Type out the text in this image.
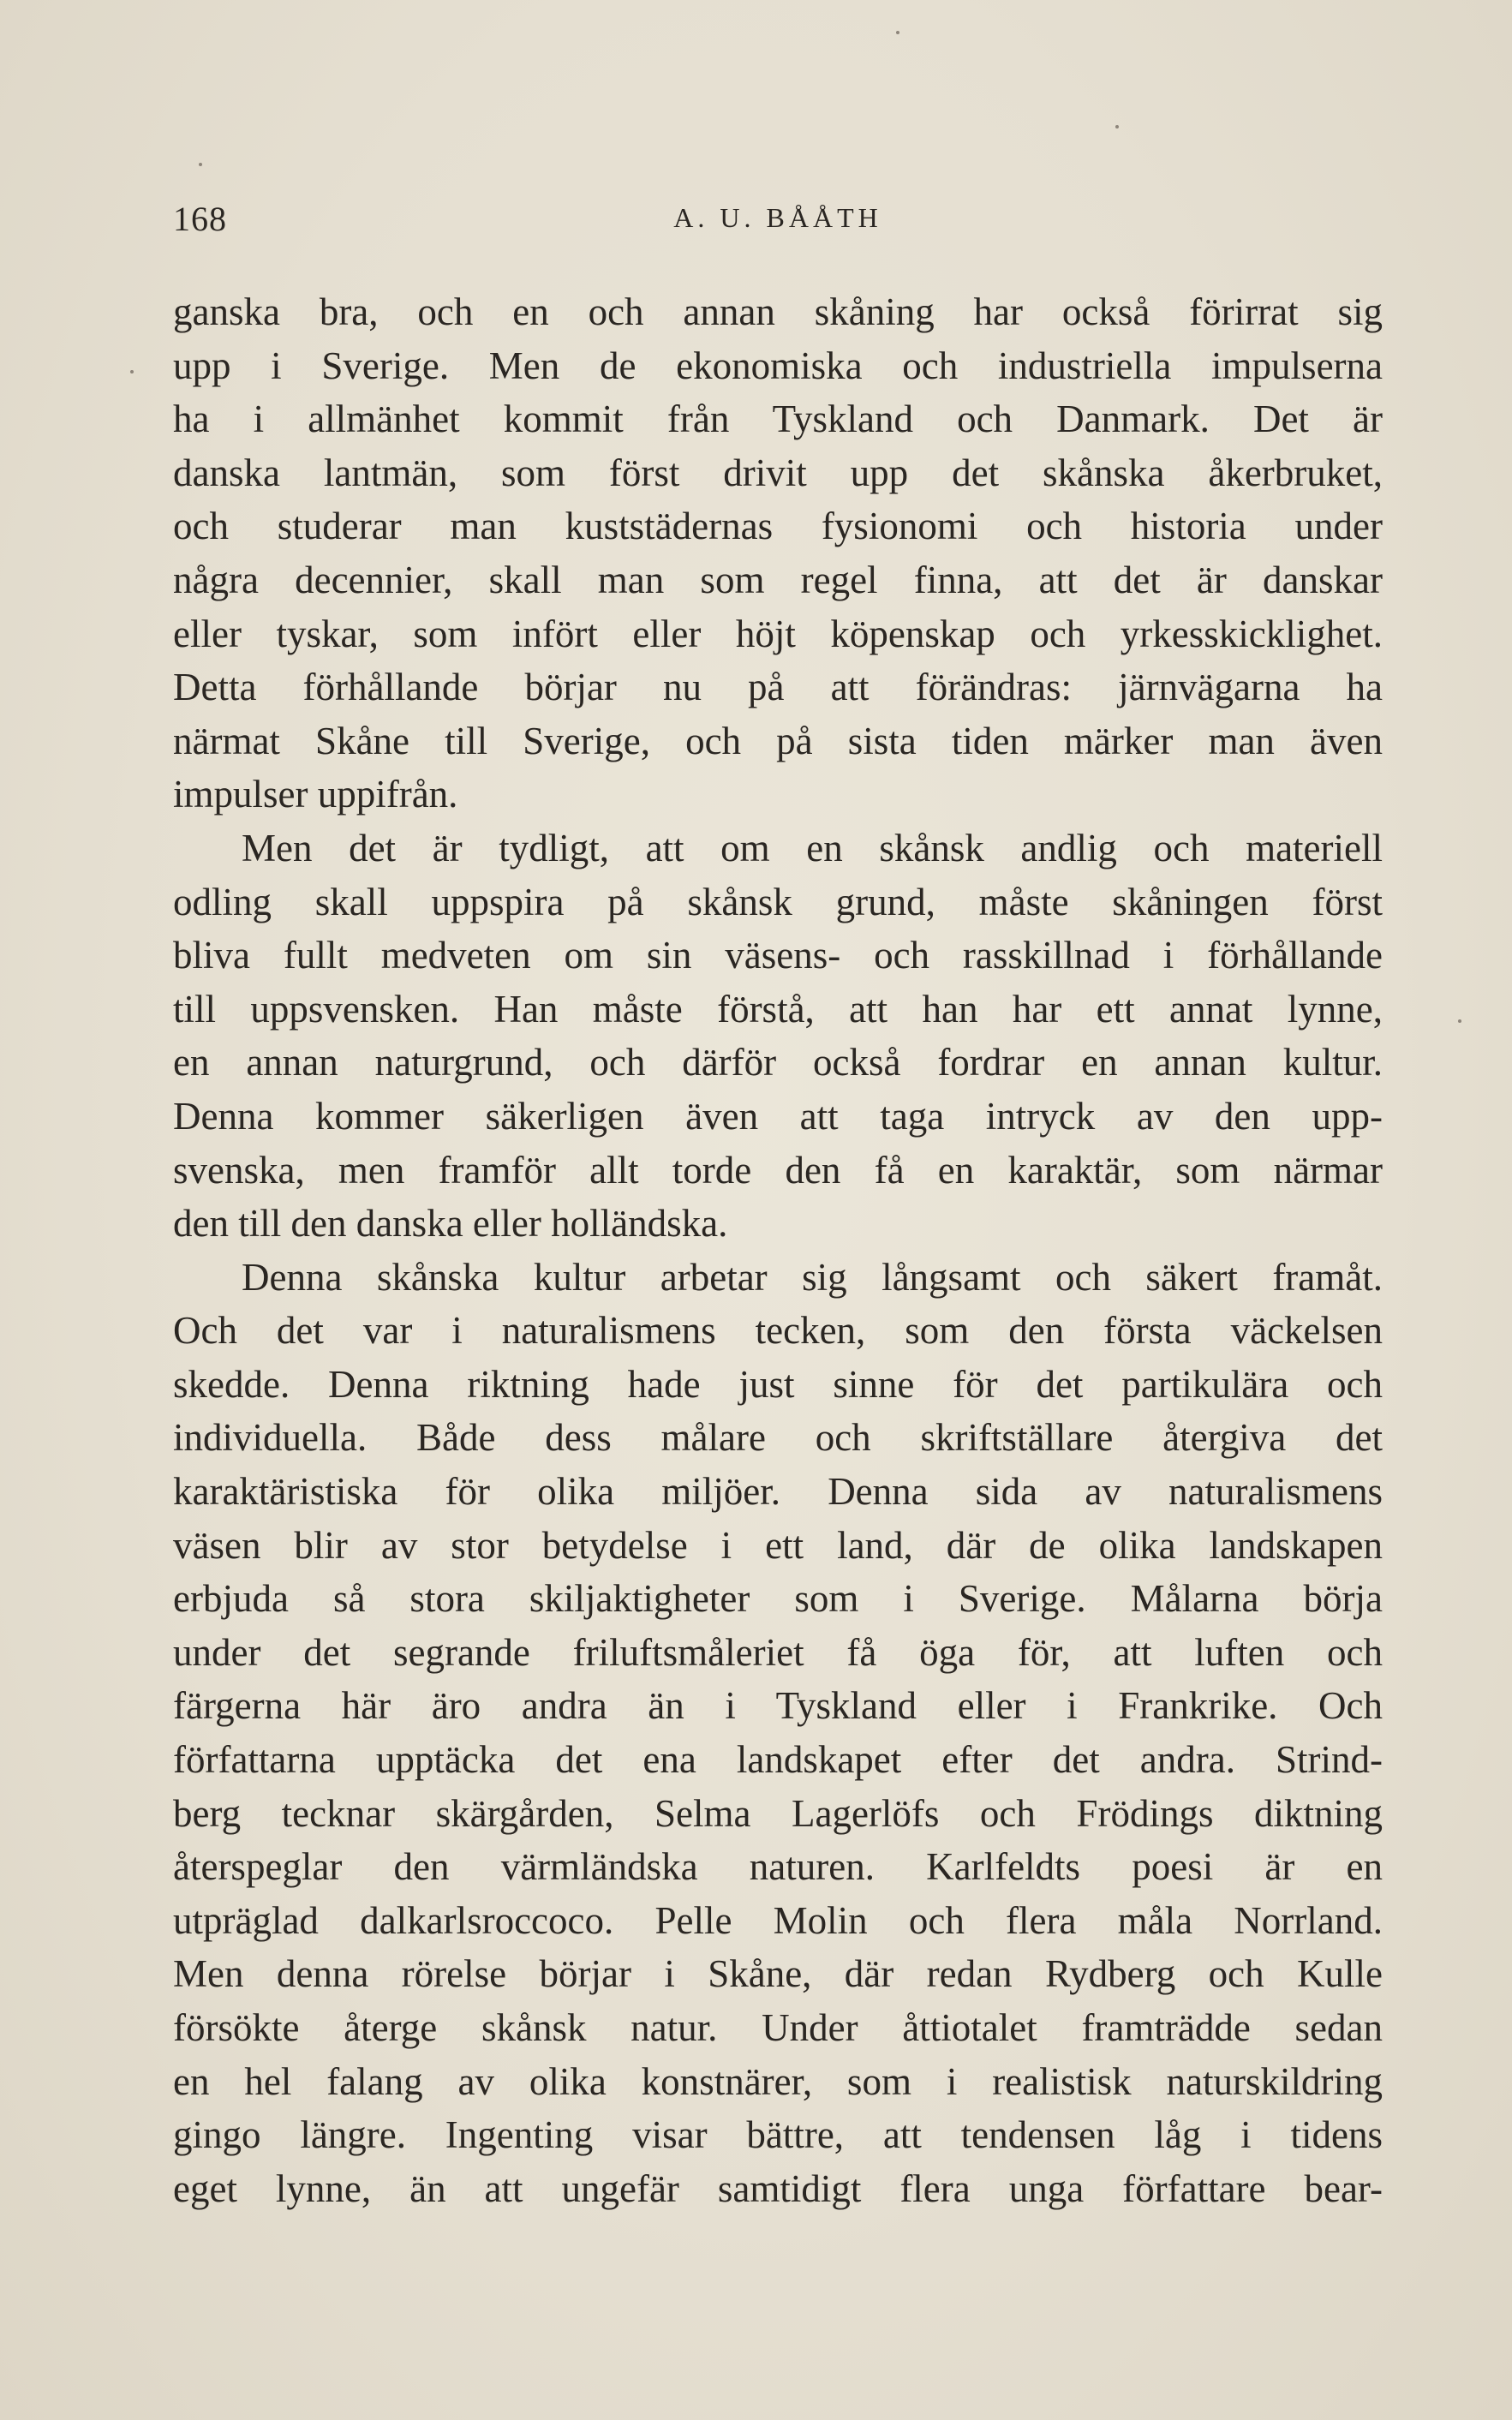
168	A. U. BÅÅTH
ganska bra, och en och annan skåning har också förirrat sig
upp i Sverige. Men de ekonomiska och industriella impulserna
ha i allmänhet kommit från Tyskland och Danmark. Det är
danska lantmän, som först drivit upp det skånska åkerbruket,
och studerar man kuststädernas fysionomi och historia under
några decennier, skall man som regel finna, att det är danskar
eller tyskar, som infört eller höjt köpenskap och yrkesskicklighet.
Detta förhållande börjar nu på att förändras: järnvägarna ha
närmat Skåne till Sverige, och på sista tiden märker man även
impulser uppifrån.
Men det är tydligt, att om en skånsk andlig och materiell
odling skall uppspira på skånsk grund, måste skåningen först
bliva fullt medveten om sin väsens- och rasskillnad i förhållande
till uppsvensken. Han måste förstå, att han har ett annat lynne,
en annan naturgrund, och därför också fordrar en annan kultur.
Denna kommer säkerligen även att taga intryck av den upp-
svenska, men framför allt torde den få en karaktär, som närmar
den till den danska eller holländska.
Denna skånska kultur arbetar sig långsamt och säkert framåt.
Och det var i naturalismens tecken, som den första väckelsen
skedde. Denna riktning hade just sinne för det partikulära och
individuella. Både dess målare och skriftställare återgiva det
karaktäristiska för olika miljöer. Denna sida av naturalismens
väsen blir av stor betydelse i ett land, där de olika landskapen
erbjuda så stora skiljaktigheter som i Sverige. Målarna börja
under det segrande friluftsmåleriet få öga för, att luften och
färgerna här äro andra än i Tyskland eller i Frankrike. Och
författarna upptäcka det ena landskapet efter det andra. Strind-
berg tecknar skärgården, Selma Lagerlöfs och Frödings diktning
återspeglar den värmländska naturen. Karlfeldts poesi är en
utpräglad dalkarlsroccoco. Pelle Molin och flera måla Norrland.
Men denna rörelse börjar i Skåne, där redan Rydberg och Kulle
försökte återge skånsk natur. Under åttiotalet framträdde sedan
en hel falang av olika konstnärer, som i realistisk naturskildring
gingo längre. Ingenting visar bättre, att tendensen låg i tidens
eget lynne, än att ungefär samtidigt flera unga författare bear-
